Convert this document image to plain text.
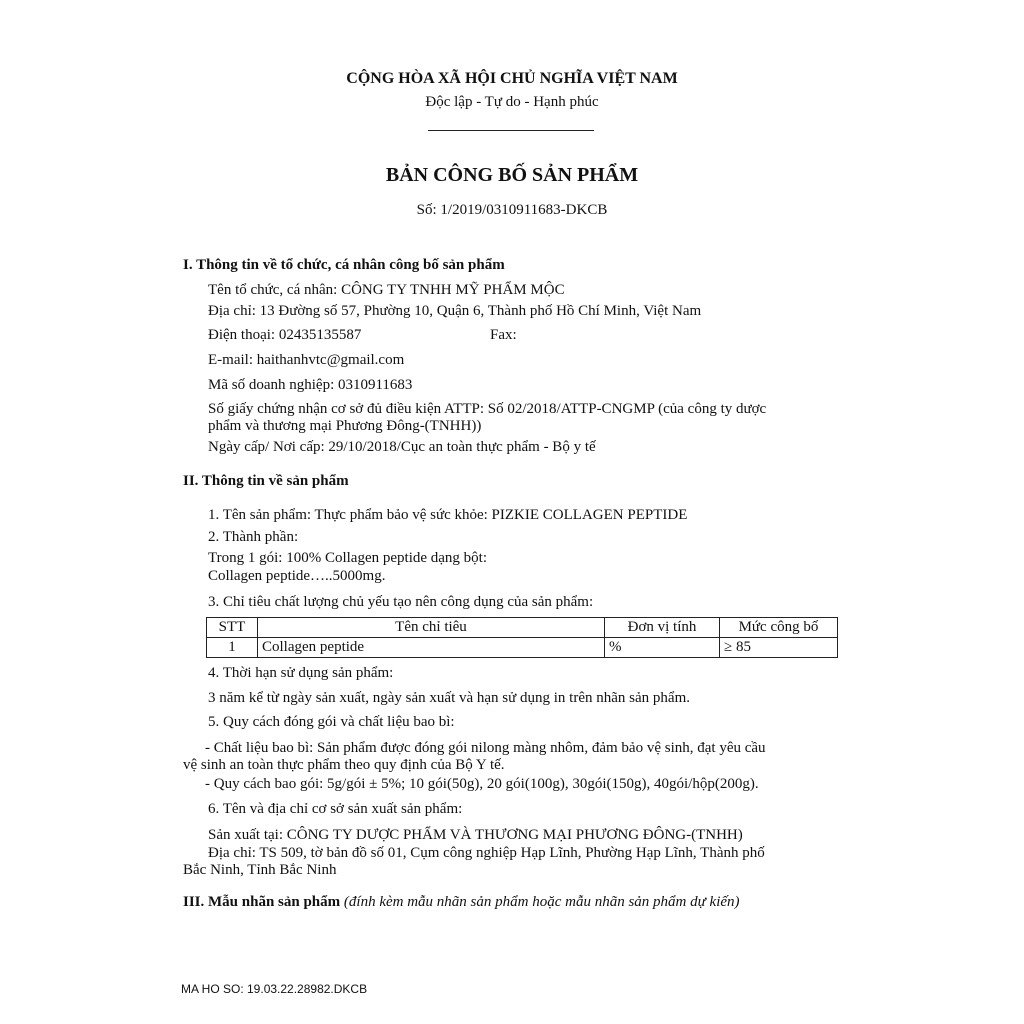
CỘNG HÒA XÃ HỘI CHỦ NGHĨA VIỆT NAM
Độc lập - Tự do - Hạnh phúc
BẢN CÔNG BỐ SẢN PHẨM
Số: 1/2019/0310911683-DKCB
I. Thông tin về tổ chức, cá nhân công bố sản phẩm
Tên tổ chức, cá nhân: CÔNG TY TNHH MỸ PHẨM MỘC
Địa chỉ: 13 Đường số 57, Phường 10, Quận 6, Thành phố Hồ Chí Minh, Việt Nam
Điện thoại: 02435135587	Fax:
E-mail: haithanhvtc@gmail.com
Mã số doanh nghiệp: 0310911683
Số giấy chứng nhận cơ sở đủ điều kiện ATTP: Số 02/2018/ATTP-CNGMP (của công ty dược
phẩm và thương mại Phương Đông-(TNHH))
Ngày cấp/ Nơi cấp: 29/10/2018/Cục an toàn thực phẩm - Bộ y tế
II. Thông tin về sản phẩm
1. Tên sản phẩm: Thực phẩm bảo vệ sức khỏe: PIZKIE COLLAGEN PEPTIDE
2. Thành phần:
Trong 1 gói: 100% Collagen peptide dạng bột:
Collagen peptide…..5000mg.
3. Chỉ tiêu chất lượng chủ yếu tạo nên công dụng của sản phẩm:
STT	Tên chỉ tiêu	Đơn vị tính	Mức công bố
1	Collagen peptide	%	≥ 85
4. Thời hạn sử dụng sản phẩm:
3 năm kể từ ngày sản xuất, ngày sản xuất và hạn sử dụng in trên nhãn sản phẩm.
5. Quy cách đóng gói và chất liệu bao bì:
- Chất liệu bao bì: Sản phẩm được đóng gói nilong màng nhôm, đảm bảo vệ sinh, đạt yêu cầu
vệ sinh an toàn thực phẩm theo quy định của Bộ Y tế.
- Quy cách bao gói: 5g/gói ± 5%; 10 gói(50g), 20 gói(100g), 30gói(150g), 40gói/hộp(200g).
6. Tên và địa chỉ cơ sở sản xuất sản phẩm:
Sản xuất tại: CÔNG TY DƯỢC PHẨM VÀ THƯƠNG MẠI PHƯƠNG ĐÔNG-(TNHH)
Địa chỉ: TS 509, tờ bản đồ số 01, Cụm công nghiệp Hạp Lĩnh, Phường Hạp Lĩnh, Thành phố
Bắc Ninh, Tỉnh Bắc Ninh
III. Mẫu nhãn sản phẩm (đính kèm mẫu nhãn sản phẩm hoặc mẫu nhãn sản phẩm dự kiến)
MA HO SO: 19.03.22.28982.DKCB
